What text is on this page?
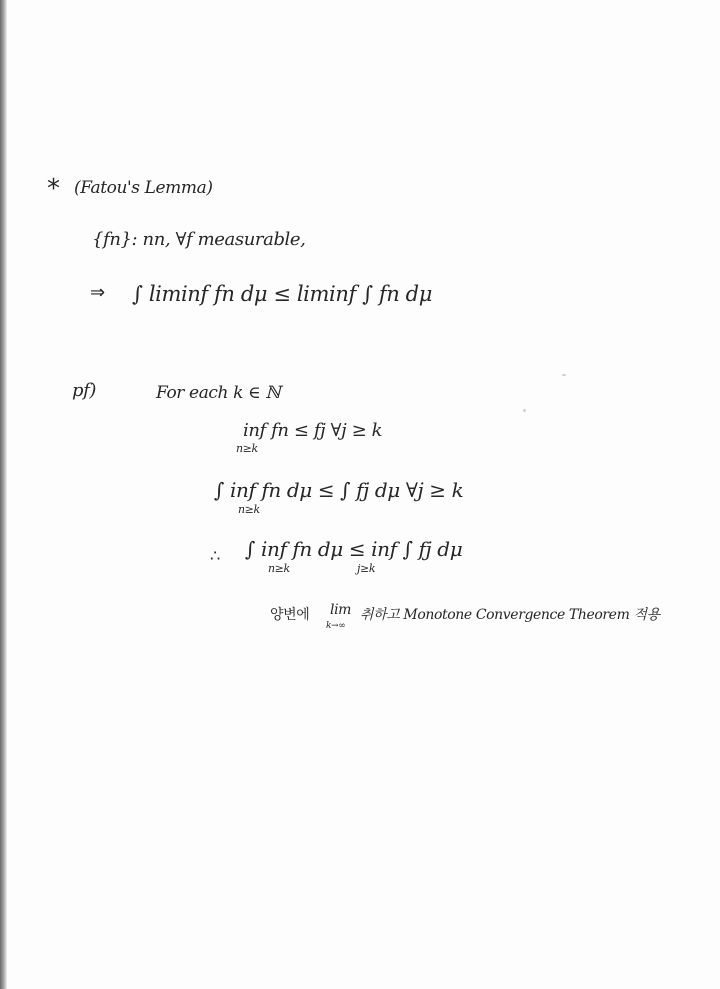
* (Fatou's Lemma)
{fn}: nn, ∀f measurable,
⇒ ∫ liminf fn dμ ≤ liminf ∫ fn dμ
pf)	For each k ∈ ℕ
inf fn ≤ fj ∀j ≥ k
n≥k
∫ inf fn dμ ≤ ∫ fj dμ ∀j ≥ k
n≥k
∴ ∫ inf fn dμ ≤ inf ∫ fj dμ
n≥k	j≥k
양변에 lim
k→∞
취하고 Monotone Convergence Theorem 적용
